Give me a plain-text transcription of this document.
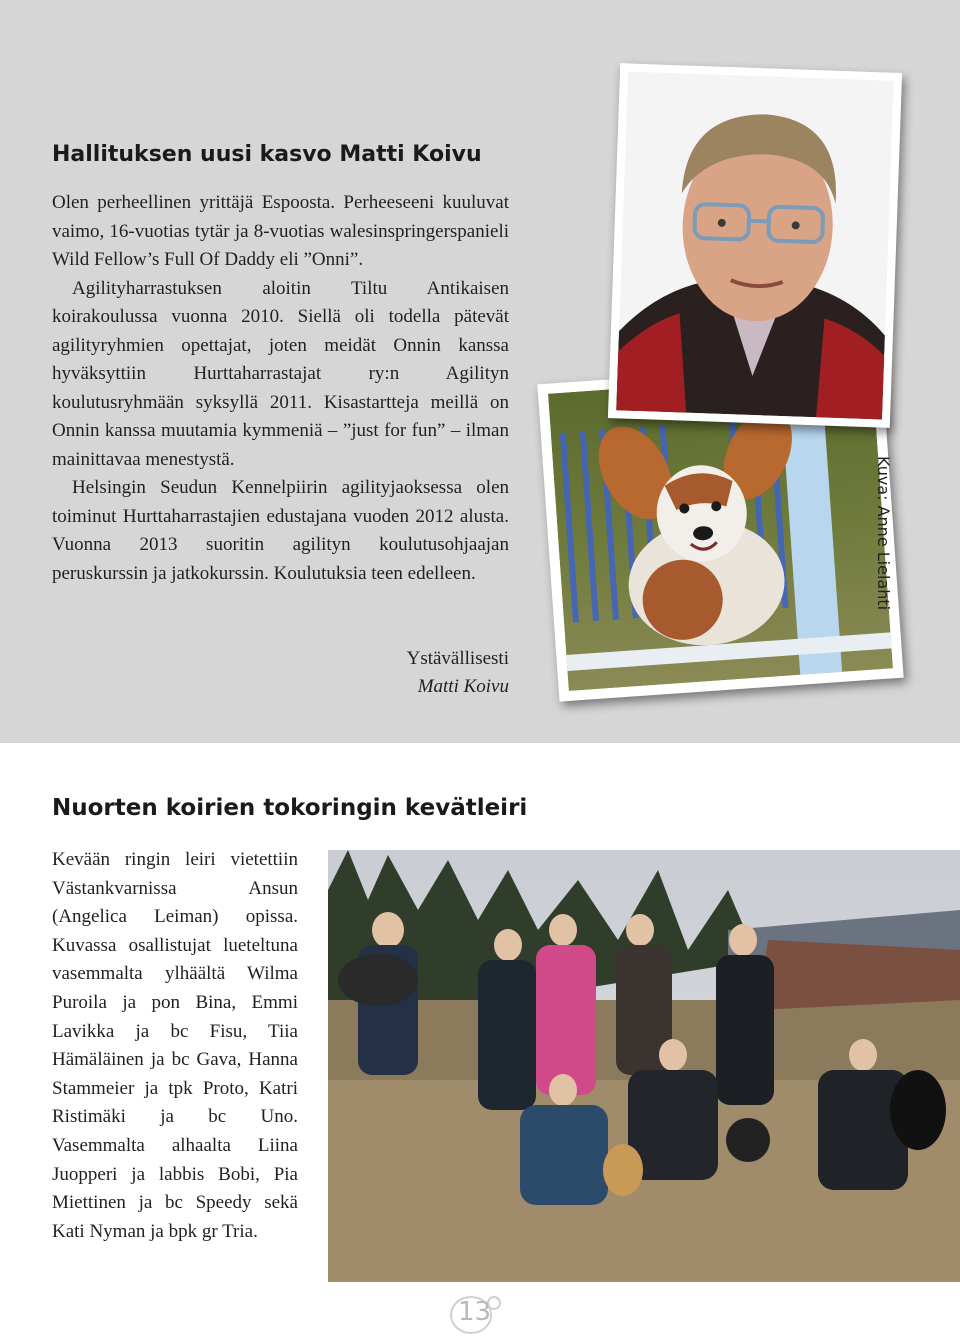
Hallituksen uusi kasvo Matti Koivu

Olen perheellinen yrittäjä Espoosta. Perheeseeni kuuluvat vaimo, 16-vuotias tytär ja 8-vuotias walesinspringerspanieli Wild Fellow’s Full Of Daddy eli ”Onni”.

Agilityharrastuksen aloitin Tiltu Antikaisen koirakoulussa vuonna 2010. Siellä oli todella pätevät agilityryhmien opettajat, joten meidät Onnin kanssa hyväksyttiin Hurttaharrastajat ry:n Agilityn koulutusryhmään syksyllä 2011. Kisastartteja meillä on Onnin kanssa muutamia kymmeniä – ”just for fun” – ilman mainittavaa menestystä.

Helsingin Seudun Kennelpiirin agilityjaoksessa olen toiminut Hurttaharrastajien edustajana vuoden 2012 alusta. Vuonna 2013 suoritin agilityn koulutusohjaajan peruskurssin ja jatkokurssin. Koulutuksia teen edelleen.

Ystävällisesti

Matti Koivu

Kuva: Anne Lielahti

Nuorten koirien tokoringin kevätleiri

Kevään ringin leiri vietettiin Västankvarnissa Ansun (Angelica Leiman) opissa. Kuvassa osallistujat lueteltuna vasemmalta ylhäältä Wilma Puroila ja pon Bina, Emmi Lavikka ja bc Fisu, Tiia Hämäläinen ja bc Gava, Hanna Stammeier ja tpk Proto, Katri Ristimäki ja bc Uno. Vasemmalta alhaalta Liina Juopperi ja labbis Bobi, Pia Miettinen ja bc Speedy sekä Kati Nyman ja bpk gr Tria.

13
